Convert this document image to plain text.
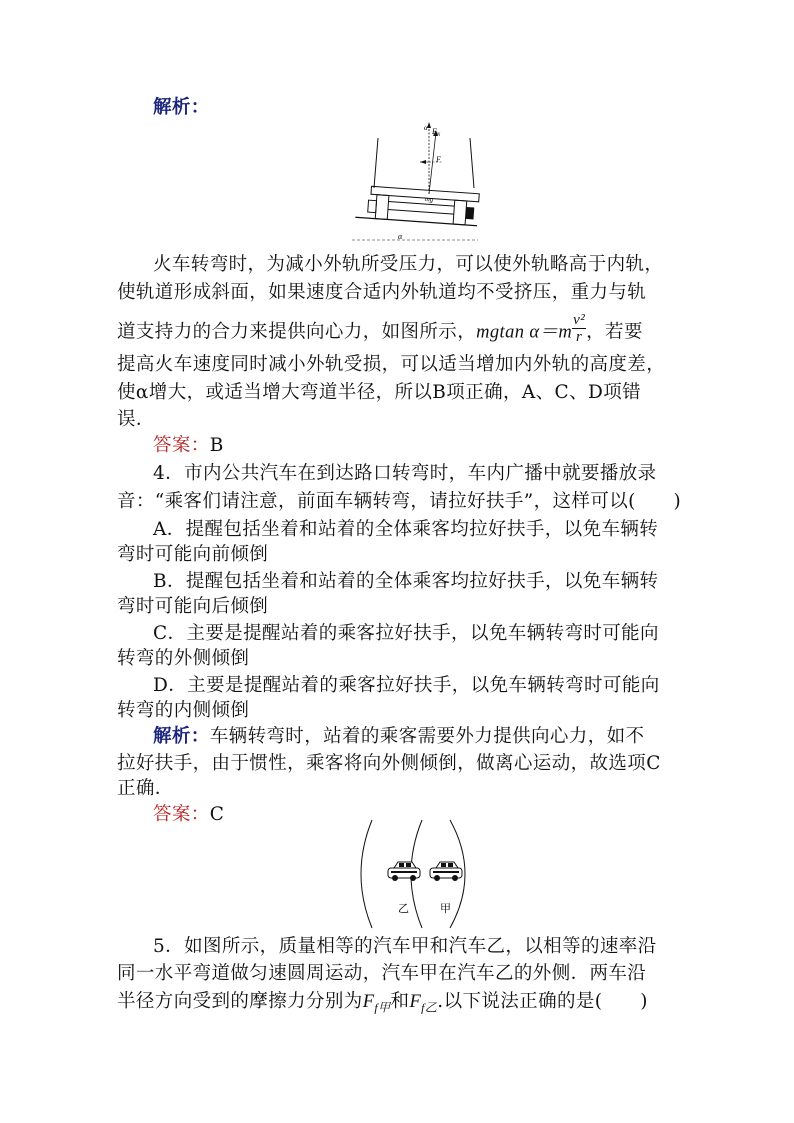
解析：
$F_N$
α
F
mg
α
火车转弯时，为减小外轨所受压力，可以使外轨略高于内轨，
使轨道形成斜面，如果速度合适内外轨道均不受挤压，重力与轨
道支持力的合力来提供向心力，如图所示，mgtan $\alpha=m \frac{\text{v²}}{r}$ ，若要
提高火车速度同时减小外轨受损，可以适当增加内外轨的高度差，
使α增大，或适当增大弯道半径，所以B项正确，A、C、D项错
误．
答案：B
4．市内公共汽车在到达路口转弯时，车内广播中就要播放录
音：“乘客们请注意，前面车辆转弯，请拉好扶手”，这样可以(　　)
A．提醒包括坐着和站着的全体乘客均拉好扶手，以免车辆转
弯时可能向前倾倒
B．提醒包括坐着和站着的全体乘客均拉好扶手，以免车辆转
弯时可能向后倾倒
C．主要是提醒站着的乘客拉好扶手，以免车辆转弯时可能向
转弯的外侧倾倒
D．主要是提醒站着的乘客拉好扶手，以免车辆转弯时可能向
转弯的内侧倾倒
解析：车辆转弯时，站着的乘客需要外力提供向心力，如不
拉好扶手，由于惯性，乘客将向外侧倾倒，做离心运动，故选项C
正确．
答案：C
乙	甲
5．如图所示，质量相等的汽车甲和汽车乙，以相等的速率沿
同一水平弯道做匀速圆周运动，汽车甲在汽车乙的外侧．两车沿
半径方向受到的摩擦力分别为$F_{f甲}$和$F_{f乙}$.以下说法正确的是(　　)
